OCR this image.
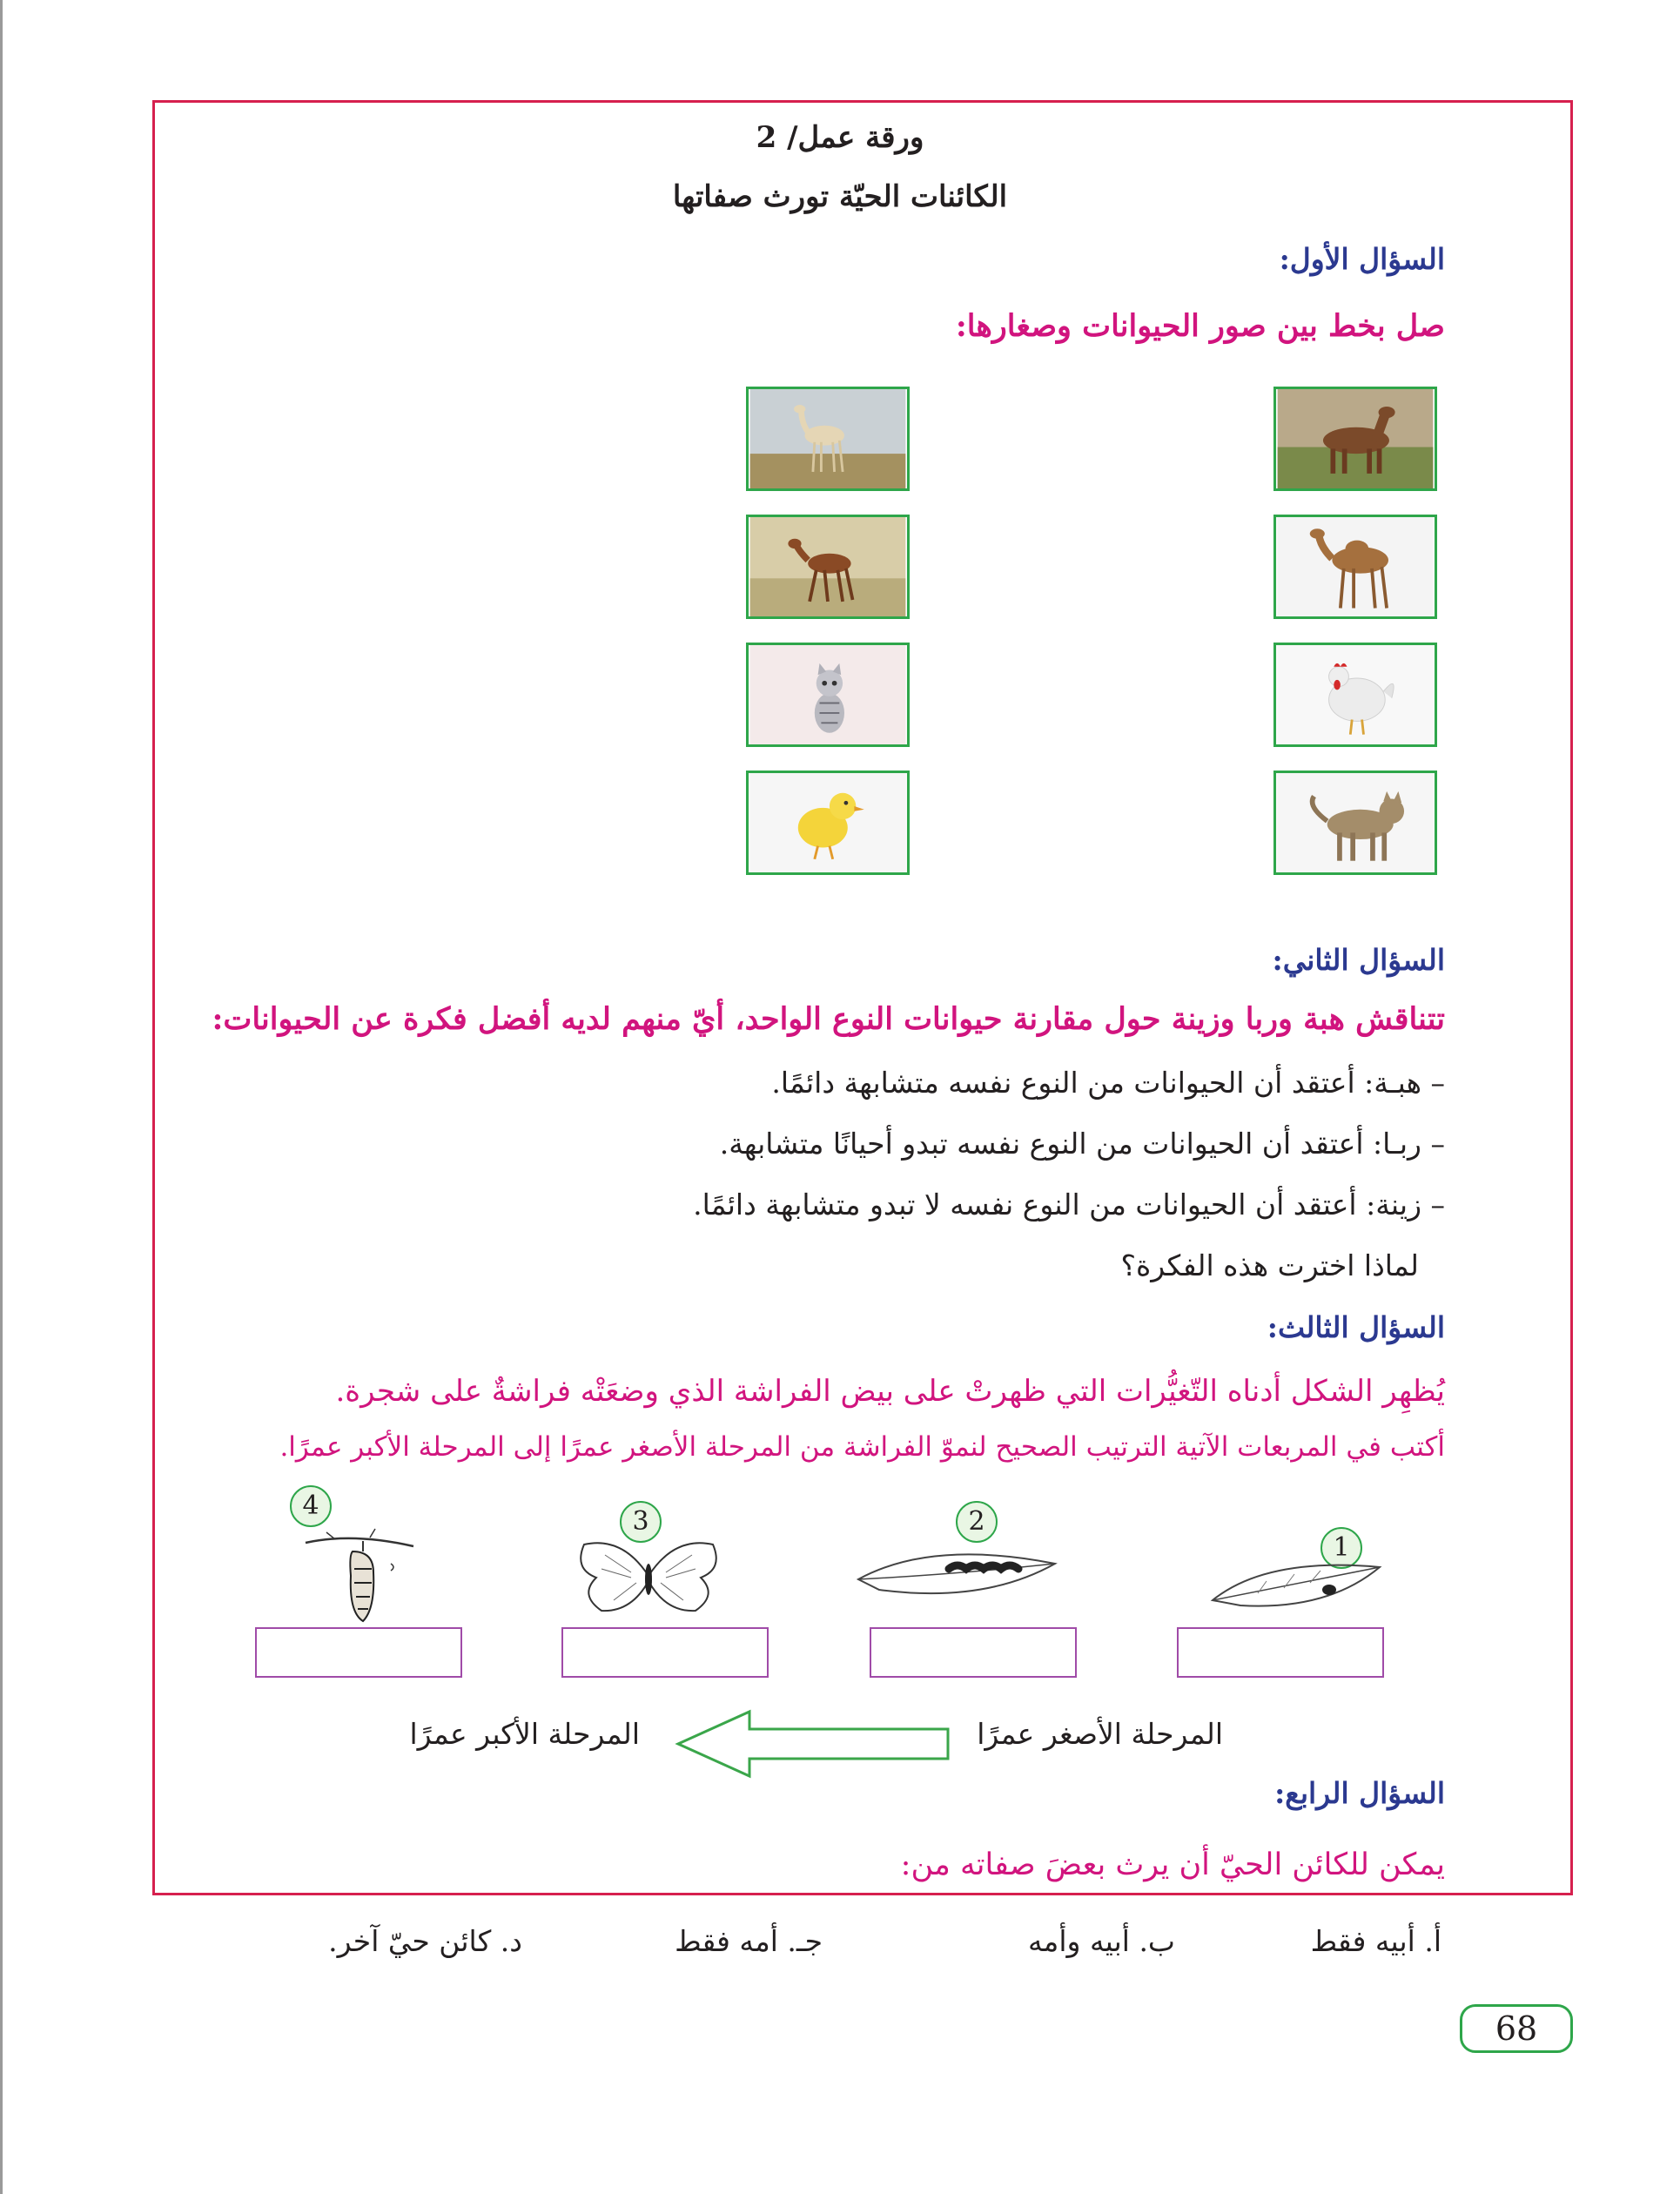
ورقة عمل/ 2
الكائنات الحيّة تورث صفاتها
السؤال الأول:
صل بخط بين صور الحيوانات وصغارها:
السؤال الثاني:
تتناقش هبة وربا وزينة حول مقارنة حيوانات النوع الواحد، أيّ منهم لديه أفضل فكرة عن الحيوانات:
– هبـة: أعتقد أن الحيوانات من النوع نفسه متشابهة دائمًا.
– ربـا: أعتقد أن الحيوانات من النوع نفسه تبدو أحيانًا متشابهة.
– زينة: أعتقد أن الحيوانات من النوع نفسه لا تبدو متشابهة دائمًا.
لماذا اخترت هذه الفكرة؟
السؤال الثالث:
يُظهِر الشكل أدناه التّغيُّرات التي ظهرتْ على بيض الفراشة الذي وضعَتْه فراشةٌ على شجرة.
أكتب في المربعات الآتية الترتيب الصحيح لنموّ الفراشة من المرحلة الأصغر عمرًا إلى المرحلة الأكبر عمرًا.
1
2
3
4
المرحلة الأصغر عمرًا
المرحلة الأكبر عمرًا
السؤال الرابع:
يمكن للكائن الحيّ أن يرث بعضَ صفاته من:
أ. أبيه فقط
ب. أبيه وأمه
جـ. أمه فقط
د. كائن حيّ آخر.
68
